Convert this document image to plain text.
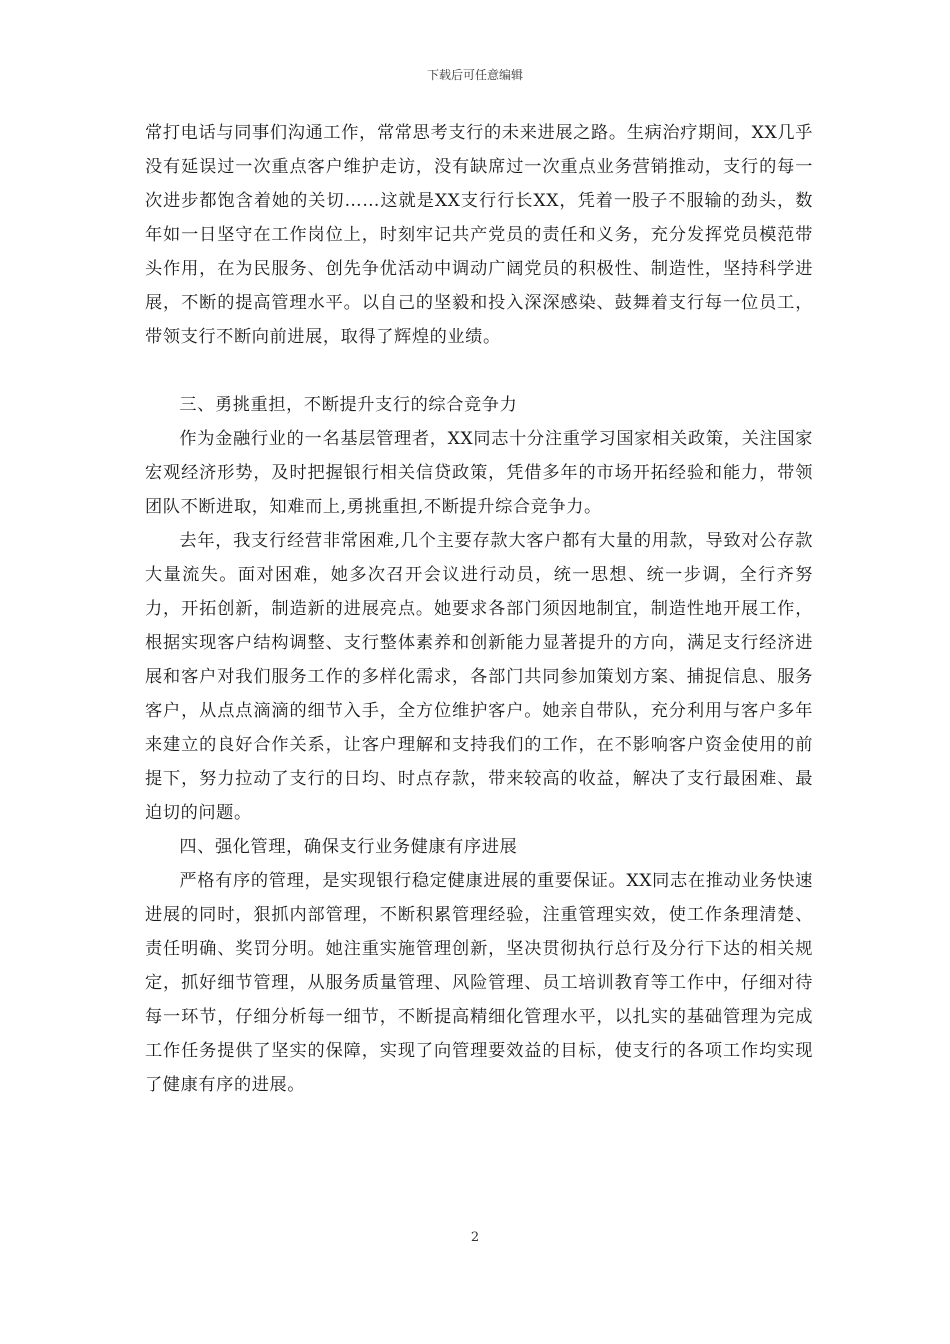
下载后可任意编辑

常打电话与同事们沟通工作，常常思考支行的未来进展之路。生病治疗期间，XX几乎没有延误过一次重点客户维护走访，没有缺席过一次重点业务营销推动，支行的每一次进步都饱含着她的关切……这就是XX支行行长XX，凭着一股子不服输的劲头，数年如一日坚守在工作岗位上，时刻牢记共产党员的责任和义务，充分发挥党员模范带头作用，在为民服务、创先争优活动中调动广阔党员的积极性、制造性，坚持科学进展，不断的提高管理水平。以自己的坚毅和投入深深感染、鼓舞着支行每一位员工，带领支行不断向前进展，取得了辉煌的业绩。

三、勇挑重担，不断提升支行的综合竞争力

作为金融行业的一名基层管理者，XX同志十分注重学习国家相关政策，关注国家宏观经济形势，及时把握银行相关信贷政策，凭借多年的市场开拓经验和能力，带领团队不断进取，知难而上,勇挑重担,不断提升综合竞争力。

去年，我支行经营非常困难,几个主要存款大客户都有大量的用款，导致对公存款大量流失。面对困难，她多次召开会议进行动员，统一思想、统一步调，全行齐努力，开拓创新，制造新的进展亮点。她要求各部门须因地制宜，制造性地开展工作，根据实现客户结构调整、支行整体素养和创新能力显著提升的方向，满足支行经济进展和客户对我们服务工作的多样化需求，各部门共同参加策划方案、捕捉信息、服务客户，从点点滴滴的细节入手，全方位维护客户。她亲自带队，充分利用与客户多年来建立的良好合作关系，让客户理解和支持我们的工作，在不影响客户资金使用的前提下，努力拉动了支行的日均、时点存款，带来较高的收益，解决了支行最困难、最迫切的问题。

四、强化管理，确保支行业务健康有序进展

严格有序的管理，是实现银行稳定健康进展的重要保证。XX同志在推动业务快速进展的同时，狠抓内部管理，不断积累管理经验，注重管理实效，使工作条理清楚、责任明确、奖罚分明。她注重实施管理创新，坚决贯彻执行总行及分行下达的相关规定，抓好细节管理，从服务质量管理、风险管理、员工培训教育等工作中，仔细对待每一环节，仔细分析每一细节，不断提高精细化管理水平，以扎实的基础管理为完成工作任务提供了坚实的保障，实现了向管理要效益的目标，使支行的各项工作均实现了健康有序的进展。

2
